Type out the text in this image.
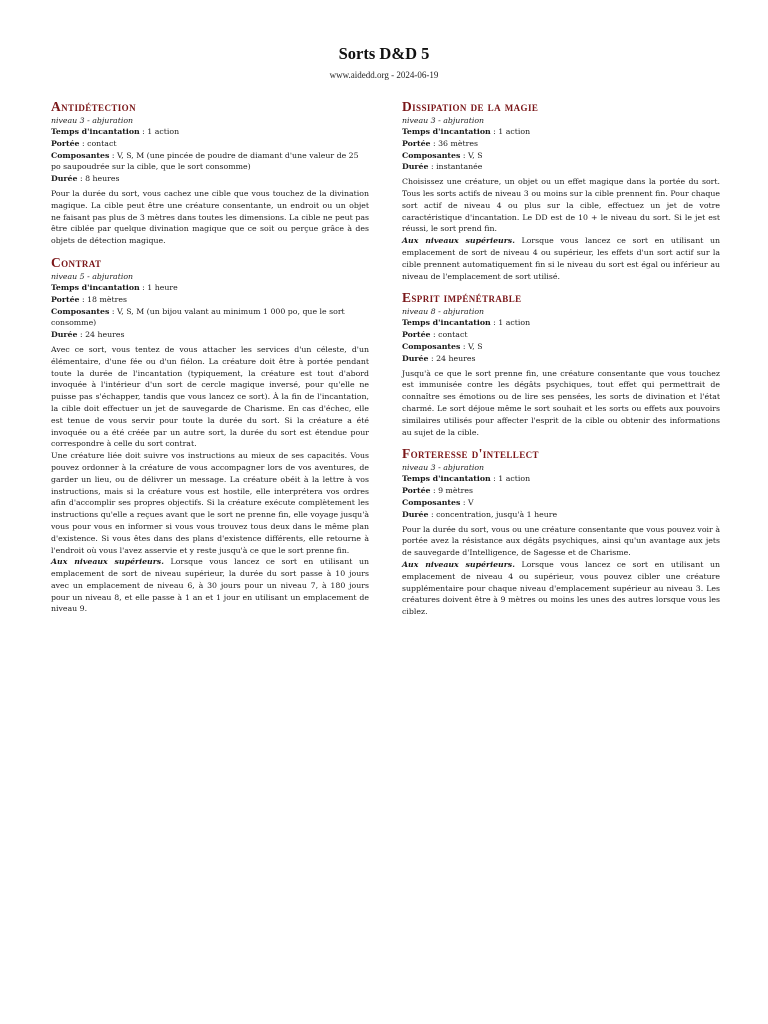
Sorts D&D 5
www.aidedd.org - 2024-06-19
Antidétection
niveau 3 - abjuration
Temps d'incantation : 1 action
Portée : contact
Composantes : V, S, M (une pincée de poudre de diamant d'une valeur de 25 po saupoudrée sur la cible, que le sort consomme)
Durée : 8 heures

Pour la durée du sort, vous cachez une cible que vous touchez de la divination magique. La cible peut être une créature consentante, un endroit ou un objet ne faisant pas plus de 3 mètres dans toutes les dimensions. La cible ne peut pas être ciblée par quelque divination magique que ce soit ou perçue grâce à des objets de détection magique.

Contrat
niveau 5 - abjuration
Temps d'incantation : 1 heure
Portée : 18 mètres
Composantes : V, S, M (un bijou valant au minimum 1 000 po, que le sort consomme)
Durée : 24 heures

Avec ce sort, vous tentez de vous attacher les services d'un céleste, d'un élémentaire, d'une fée ou d'un fiélon. La créature doit être à portée pendant toute la durée de l'incantation (typiquement, la créature est tout d'abord invoquée à l'intérieur d'un sort de cercle magique inversé, pour qu'elle ne puisse pas s'échapper, tandis que vous lancez ce sort). À la fin de l'incantation, la cible doit effectuer un jet de sauvegarde de Charisme. En cas d'échec, elle est tenue de vous servir pour toute la durée du sort. Si la créature a été invoquée ou a été créée par un autre sort, la durée du sort est étendue pour correspondre à celle du sort contrat.

Une créature liée doit suivre vos instructions au mieux de ses capacités. Vous pouvez ordonner à la créature de vous accompagner lors de vos aventures, de garder un lieu, ou de délivrer un message. La créature obéit à la lettre à vos instructions, mais si la créature vous est hostile, elle interprétera vos ordres afin d'accomplir ses propres objectifs. Si la créature exécute complètement les instructions qu'elle a reçues avant que le sort ne prenne fin, elle voyage jusqu'à vous pour vous en informer si vous vous trouvez tous deux dans le même plan d'existence. Si vous êtes dans des plans d'existence différents, elle retourne à l'endroit où vous l'avez asservie et y reste jusqu'à ce que le sort prenne fin.

Aux niveaux supérieurs. Lorsque vous lancez ce sort en utilisant un emplacement de sort de niveau supérieur, la durée du sort passe à 10 jours avec un emplacement de niveau 6, à 30 jours pour un niveau 7, à 180 jours pour un niveau 8, et elle passe à 1 an et 1 jour en utilisant un emplacement de niveau 9.

Dissipation de la magie
niveau 3 - abjuration
Temps d'incantation : 1 action
Portée : 36 mètres
Composantes : V, S
Durée : instantanée

Choisissez une créature, un objet ou un effet magique dans la portée du sort. Tous les sorts actifs de niveau 3 ou moins sur la cible prennent fin. Pour chaque sort actif de niveau 4 ou plus sur la cible, effectuez un jet de votre caractéristique d'incantation. Le DD est de 10 + le niveau du sort. Si le jet est réussi, le sort prend fin.

Aux niveaux supérieurs. Lorsque vous lancez ce sort en utilisant un emplacement de sort de niveau 4 ou supérieur, les effets d'un sort actif sur la cible prennent automatiquement fin si le niveau du sort est égal ou inférieur au niveau de l'emplacement de sort utilisé.

Esprit impénétrable
niveau 8 - abjuration
Temps d'incantation : 1 action
Portée : contact
Composantes : V, S
Durée : 24 heures

Jusqu'à ce que le sort prenne fin, une créature consentante que vous touchez est immunisée contre les dégâts psychiques, tout effet qui permettrait de connaître ses émotions ou de lire ses pensées, les sorts de divination et l'état charmé. Le sort déjoue même le sort souhait et les sorts ou effets aux pouvoirs similaires utilisés pour affecter l'esprit de la cible ou obtenir des informations au sujet de la cible.

Forteresse d'intellect
niveau 3 - abjuration
Temps d'incantation : 1 action
Portée : 9 mètres
Composantes : V
Durée : concentration, jusqu'à 1 heure

Pour la durée du sort, vous ou une créature consentante que vous pouvez voir à portée avez la résistance aux dégâts psychiques, ainsi qu'un avantage aux jets de sauvegarde d'Intelligence, de Sagesse et de Charisme.

Aux niveaux supérieurs. Lorsque vous lancez ce sort en utilisant un emplacement de niveau 4 ou supérieur, vous pouvez cibler une créature supplémentaire pour chaque niveau d'emplacement supérieur au niveau 3. Les créatures doivent être à 9 mètres ou moins les unes des autres lorsque vous les ciblez.
